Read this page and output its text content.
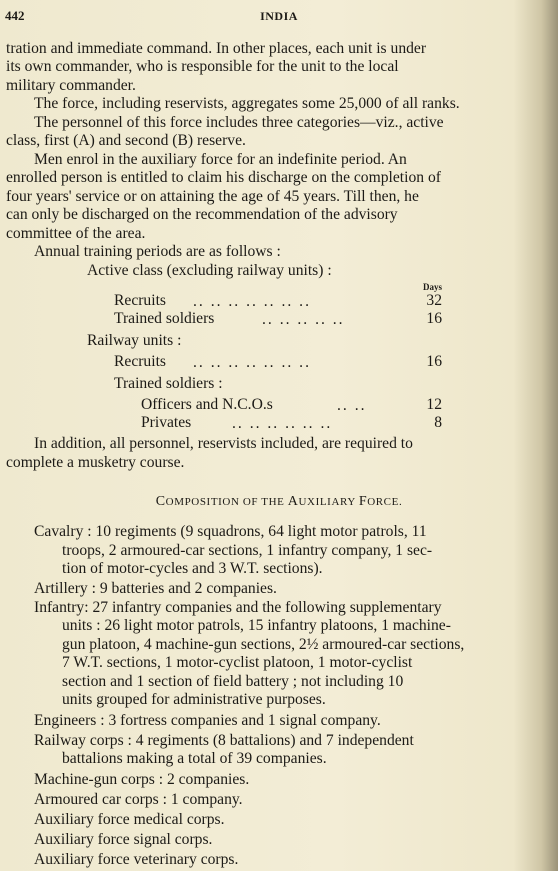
442	INDIA
tration and immediate command. In other places, each unit is under
its own commander, who is responsible for the unit to the local
military commander.
The force, including reservists, aggregates some 25,000 of all ranks.
The personnel of this force includes three categories—viz., active
class, first (A) and second (B) reserve.
Men enrol in the auxiliary force for an indefinite period. An
enrolled person is entitled to claim his discharge on the completion of
four years' service or on attaining the age of 45 years. Till then, he
can only be discharged on the recommendation of the advisory
committee of the area.
Annual training periods are as follows :
Active class (excluding railway units) :
Days
Recruits .. .. .. .. .. .. ..	32
Trained soldiers	.. .. .. .. ..	16
Railway units :
Recruits .. .. .. .. .. .. ..	16
Trained soldiers :
Officers and N.C.O.s	.. ..	12
Privates	.. .. .. .. .. ..	8
In addition, all personnel, reservists included, are required to
complete a musketry course.
COMPOSITION OF THE AUXILIARY FORCE.
Cavalry : 10 regiments (9 squadrons, 64 light motor patrols, 11
troops, 2 armoured-car sections, 1 infantry company, 1 sec-
tion of motor-cycles and 3 W.T. sections).
Artillery : 9 batteries and 2 companies.
Infantry: 27 infantry companies and the following supplementary
units : 26 light motor patrols, 15 infantry platoons, 1 machine-
gun platoon, 4 machine-gun sections, 2½ armoured-car sections,
7 W.T. sections, 1 motor-cyclist platoon, 1 motor-cyclist
section and 1 section of field battery ; not including 10
units grouped for administrative purposes.
Engineers : 3 fortress companies and 1 signal company.
Railway corps : 4 regiments (8 battalions) and 7 independent
battalions making a total of 39 companies.
Machine-gun corps : 2 companies.
Armoured car corps : 1 company.
Auxiliary force medical corps.
Auxiliary force signal corps.
Auxiliary force veterinary corps.
